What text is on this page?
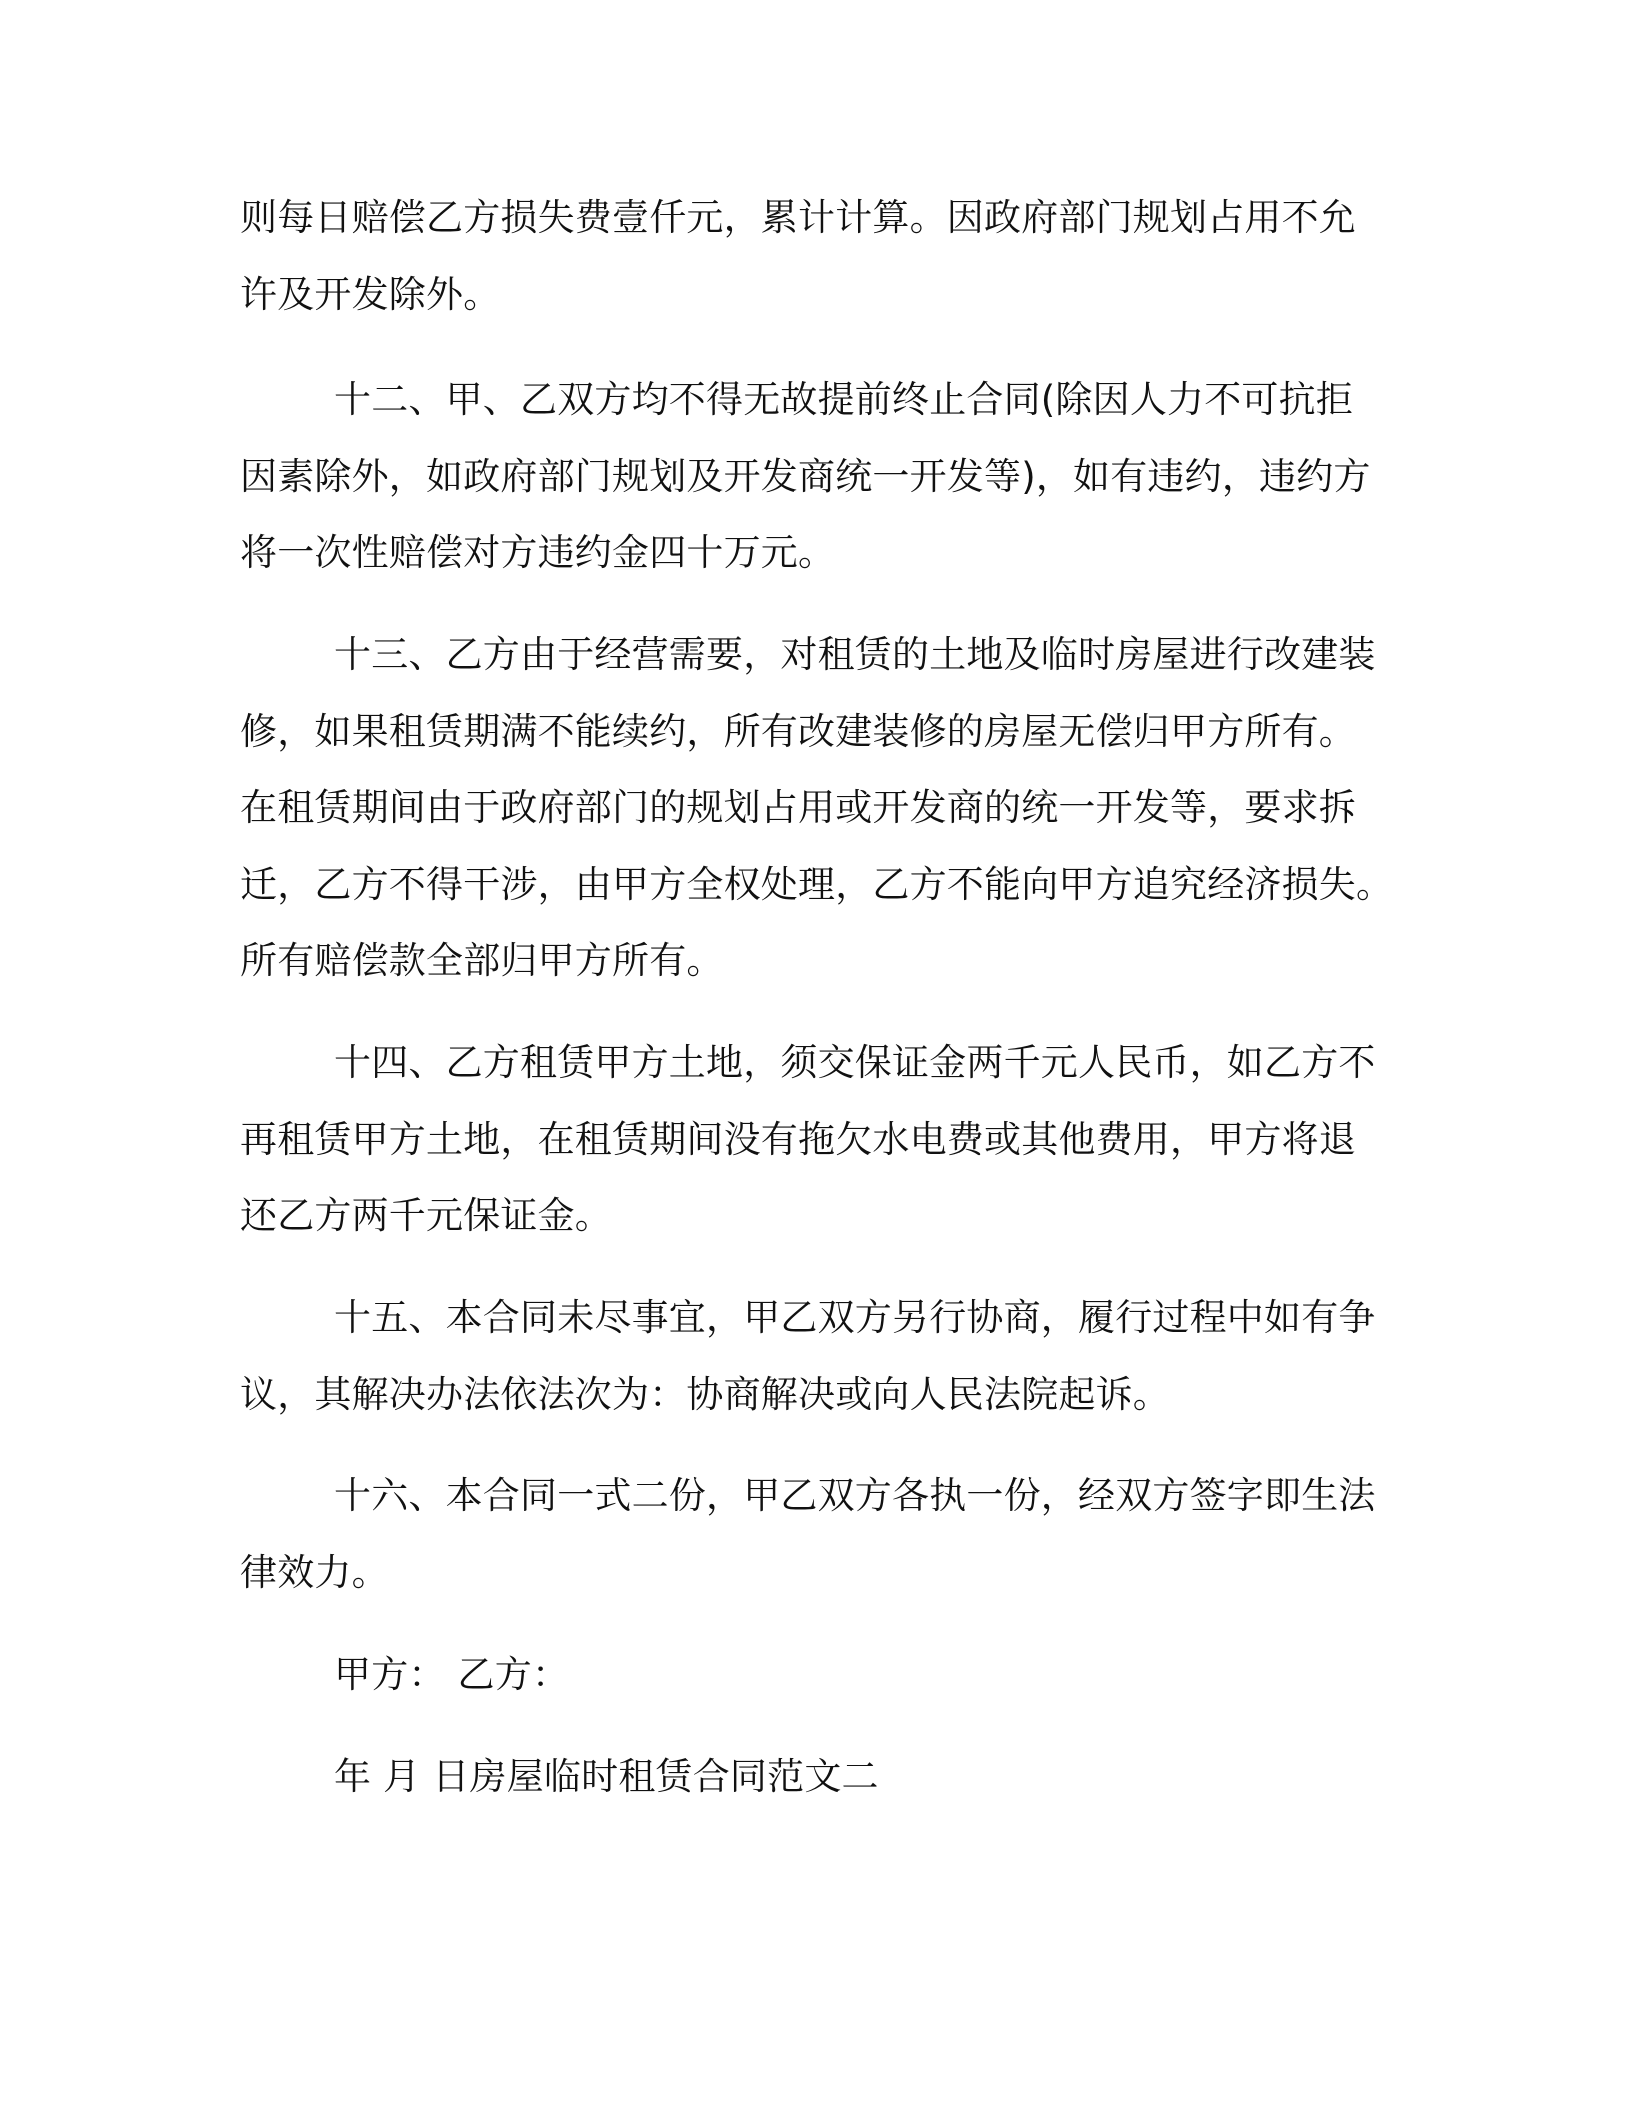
则每日赔偿乙方损失费壹仟元，累计计算。因政府部门规划占用不允
许及开发除外。

十二、甲、乙双方均不得无故提前终止合同(除因人力不可抗拒
因素除外，如政府部门规划及开发商统一开发等)，如有违约，违约方
将一次性赔偿对方违约金四十万元。

十三、乙方由于经营需要，对租赁的土地及临时房屋进行改建装
修，如果租赁期满不能续约，所有改建装修的房屋无偿归甲方所有。
在租赁期间由于政府部门的规划占用或开发商的统一开发等，要求拆
迁，乙方不得干涉，由甲方全权处理，乙方不能向甲方追究经济损失。
所有赔偿款全部归甲方所有。

十四、乙方租赁甲方土地，须交保证金两千元人民币，如乙方不
再租赁甲方土地，在租赁期间没有拖欠水电费或其他费用，甲方将退
还乙方两千元保证金。

十五、本合同未尽事宜，甲乙双方另行协商，履行过程中如有争
议，其解决办法依法次为：协商解决或向人民法院起诉。

十六、本合同一式二份，甲乙双方各执一份，经双方签字即生法
律效力。

甲方： 乙方：

年 月 日房屋临时租赁合同范文二
